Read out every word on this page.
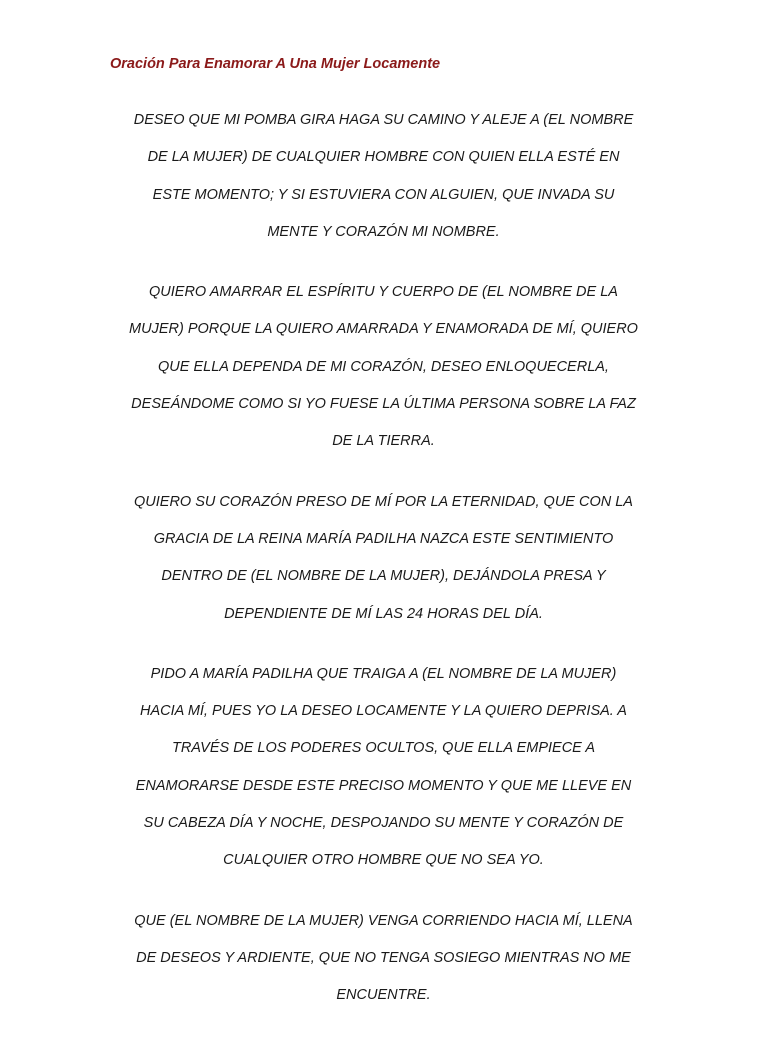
Oración Para Enamorar A Una Mujer Locamente

DESEO QUE MI POMBA GIRA HAGA SU CAMINO Y ALEJE A (EL NOMBRE
DE LA MUJER) DE CUALQUIER HOMBRE CON QUIEN ELLA ESTÉ EN
ESTE MOMENTO; Y SI ESTUVIERA CON ALGUIEN, QUE INVADA SU
MENTE Y CORAZÓN MI NOMBRE.

QUIERO AMARRAR EL ESPÍRITU Y CUERPO DE (EL NOMBRE DE LA
MUJER) PORQUE LA QUIERO AMARRADA Y ENAMORADA DE MÍ, QUIERO
QUE ELLA DEPENDA DE MI CORAZÓN, DESEO ENLOQUECERLA,
DESEÁNDOME COMO SI YO FUESE LA ÚLTIMA PERSONA SOBRE LA FAZ
DE LA TIERRA.

QUIERO SU CORAZÓN PRESO DE MÍ POR LA ETERNIDAD, QUE CON LA
GRACIA DE LA REINA MARÍA PADILHA NAZCA ESTE SENTIMIENTO
DENTRO DE (EL NOMBRE DE LA MUJER), DEJÁNDOLA PRESA Y
DEPENDIENTE DE MÍ LAS 24 HORAS DEL DÍA.

PIDO A MARÍA PADILHA QUE TRAIGA A (EL NOMBRE DE LA MUJER)
HACIA MÍ, PUES YO LA DESEO LOCAMENTE Y LA QUIERO DEPRISA. A
TRAVÉS DE LOS PODERES OCULTOS, QUE ELLA EMPIECE A
ENAMORARSE DESDE ESTE PRECISO MOMENTO Y QUE ME LLEVE EN
SU CABEZA DÍA Y NOCHE, DESPOJANDO SU MENTE Y CORAZÓN DE
CUALQUIER OTRO HOMBRE QUE NO SEA YO.

QUE (EL NOMBRE DE LA MUJER) VENGA CORRIENDO HACIA MÍ, LLENA
DE DESEOS Y ARDIENTE, QUE NO TENGA SOSIEGO MIENTRAS NO ME
ENCUENTRE.
